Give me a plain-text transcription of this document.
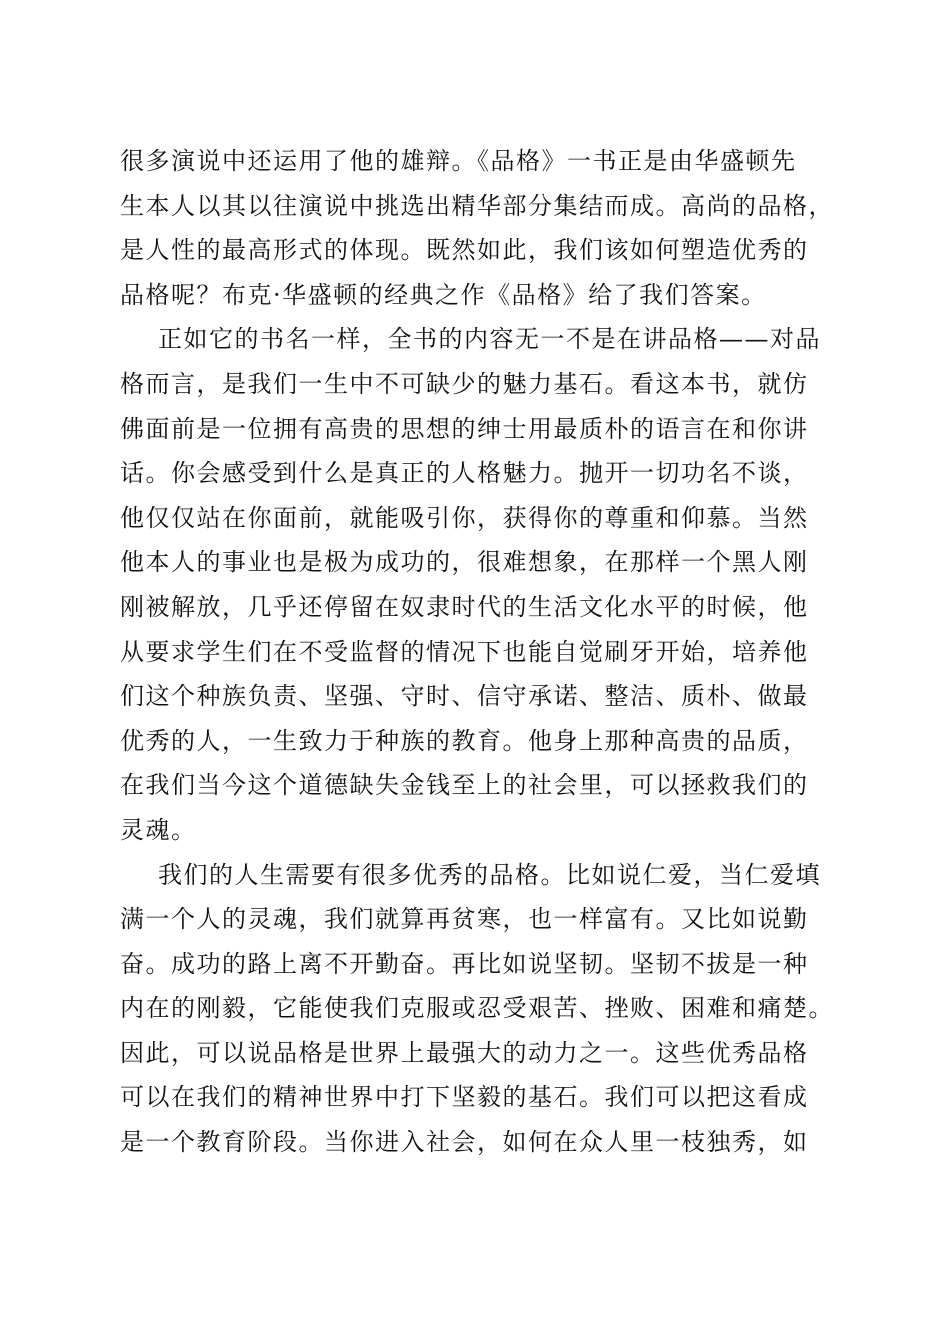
很多演说中还运用了他的雄辩。《品格》一书正是由华盛顿先
生本人以其以往演说中挑选出精华部分集结而成。高尚的品格，
是人性的最高形式的体现。既然如此，我们该如何塑造优秀的
品格呢？布克·华盛顿的经典之作《品格》给了我们答案。
正如它的书名一样，全书的内容无一不是在讲品格——对品
格而言，是我们一生中不可缺少的魅力基石。看这本书，就仿
佛面前是一位拥有高贵的思想的绅士用最质朴的语言在和你讲
话。你会感受到什么是真正的人格魅力。抛开一切功名不谈，
他仅仅站在你面前，就能吸引你，获得你的尊重和仰慕。当然
他本人的事业也是极为成功的，很难想象，在那样一个黑人刚
刚被解放，几乎还停留在奴隶时代的生活文化水平的时候，他
从要求学生们在不受监督的情况下也能自觉刷牙开始，培养他
们这个种族负责、坚强、守时、信守承诺、整洁、质朴、做最
优秀的人，一生致力于种族的教育。他身上那种高贵的品质，
在我们当今这个道德缺失金钱至上的社会里，可以拯救我们的
灵魂。
我们的人生需要有很多优秀的品格。比如说仁爱，当仁爱填
满一个人的灵魂，我们就算再贫寒，也一样富有。又比如说勤
奋。成功的路上离不开勤奋。再比如说坚韧。坚韧不拔是一种
内在的刚毅，它能使我们克服或忍受艰苦、挫败、困难和痛楚。
因此，可以说品格是世界上最强大的动力之一。这些优秀品格
可以在我们的精神世界中打下坚毅的基石。我们可以把这看成
是一个教育阶段。当你进入社会，如何在众人里一枝独秀，如
